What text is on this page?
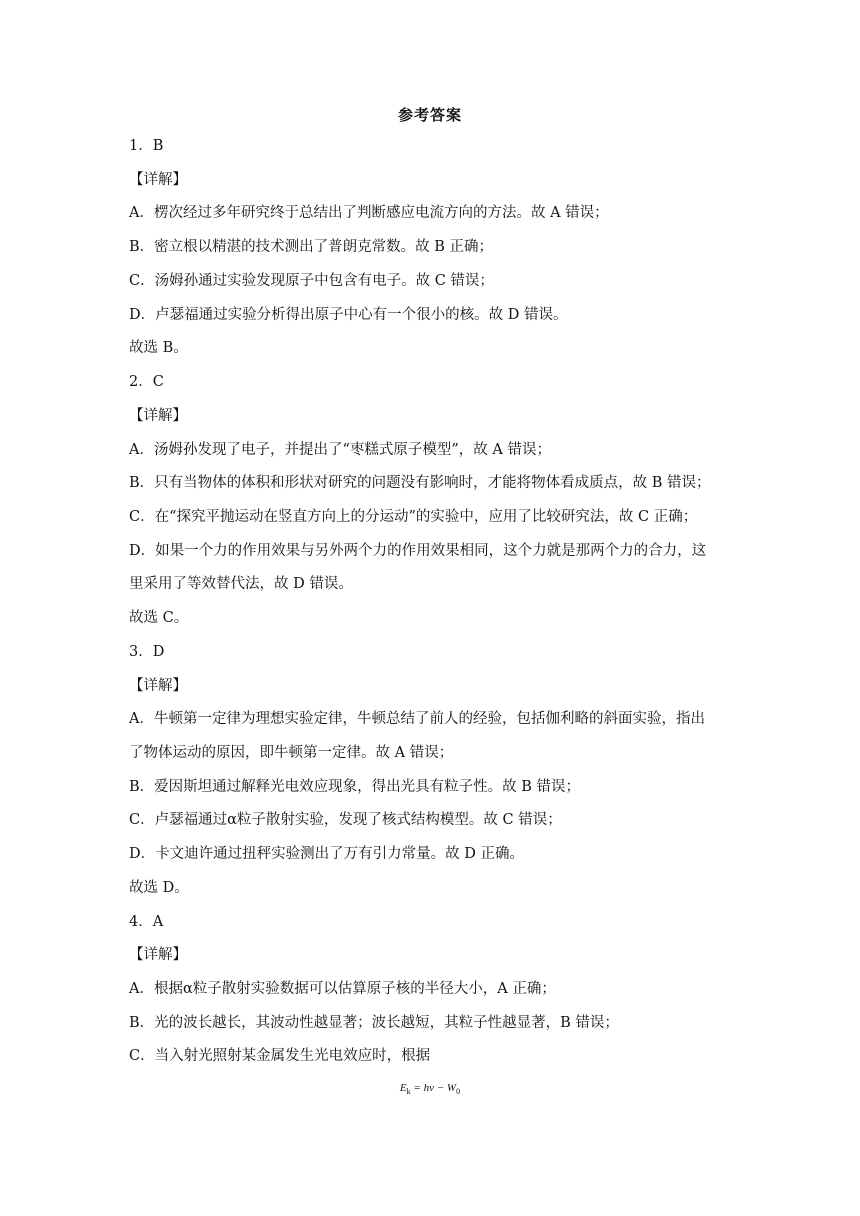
参考答案
1．B
【详解】
A．楞次经过多年研究终于总结出了判断感应电流方向的方法。故 A 错误；
B．密立根以精湛的技术测出了普朗克常数。故 B 正确；
C．汤姆孙通过实验发现原子中包含有电子。故 C 错误；
D．卢瑟福通过实验分析得出原子中心有一个很小的核。故 D 错误。
故选 B。
2．C
【详解】
A．汤姆孙发现了电子，并提出了“枣糕式原子模型”，故 A 错误；
B．只有当物体的体积和形状对研究的问题没有影响时，才能将物体看成质点，故 B 错误；
C．在“探究平抛运动在竖直方向上的分运动”的实验中，应用了比较研究法，故 C 正确；
D．如果一个力的作用效果与另外两个力的作用效果相同，这个力就是那两个力的合力，这
里采用了等效替代法，故 D 错误。
故选 C。
3．D
【详解】
A．牛顿第一定律为理想实验定律，牛顿总结了前人的经验，包括伽利略的斜面实验，指出
了物体运动的原因，即牛顿第一定律。故 A 错误；
B．爱因斯坦通过解释光电效应现象，得出光具有粒子性。故 B 错误；
C．卢瑟福通过α粒子散射实验，发现了核式结构模型。故 C 错误；
D．卡文迪许通过扭秤实验测出了万有引力常量。故 D 正确。
故选 D。
4．A
【详解】
A．根据α粒子散射实验数据可以估算原子核的半径大小，A 正确；
B．光的波长越长，其波动性越显著；波长越短，其粒子性越显著，B 错误；
C．当入射光照射某金属发生光电效应时，根据
$E_k = h\nu - W_0$
